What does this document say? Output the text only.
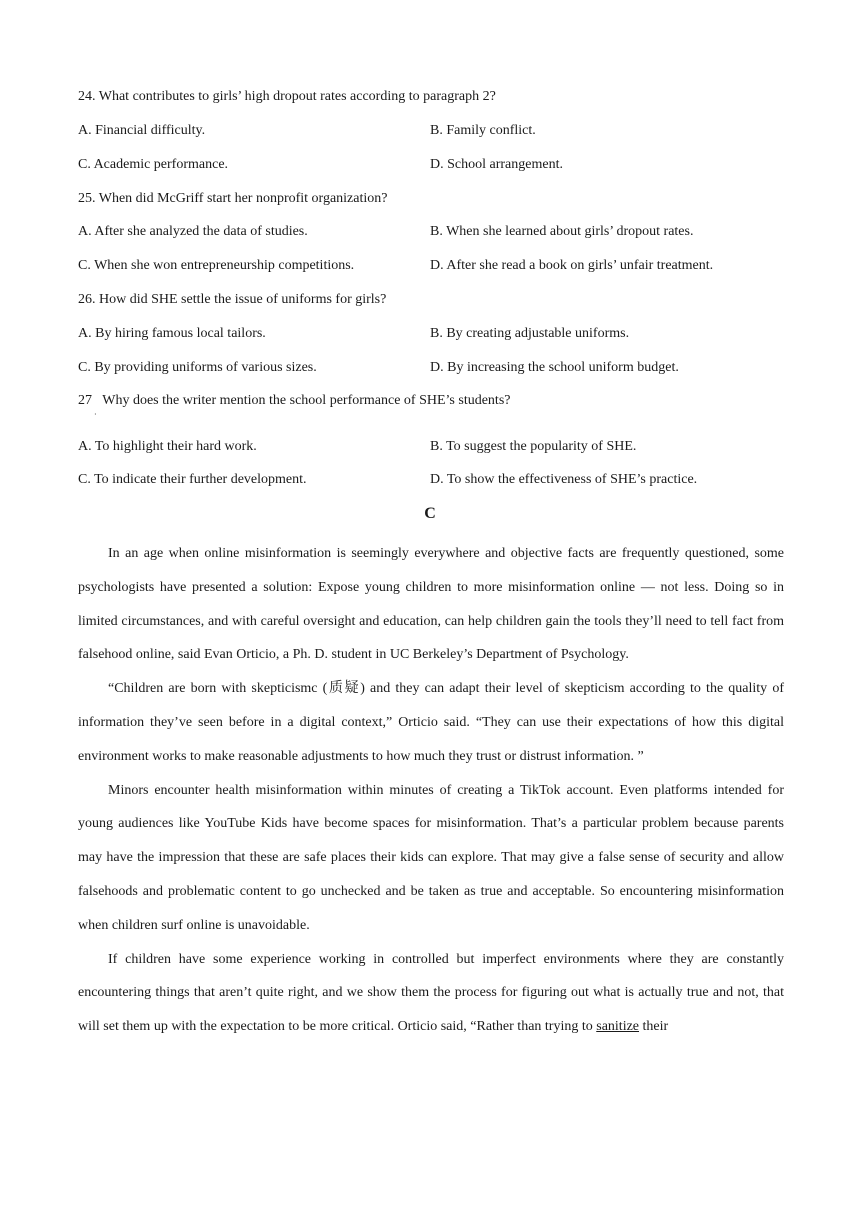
24. What contributes to girls’ high dropout rates according to paragraph 2?
A. Financial difficulty.	B. Family conflict.
C. Academic performance.	D. School arrangement.
25. When did McGriff start her nonprofit organization?
A. After she analyzed the data of studies.	B. When she learned about girls’ dropout rates.
C. When she won entrepreneurship competitions.	D. After she read a book on girls’ unfair treatment.
26. How did SHE settle the issue of uniforms for girls?
A. By hiring famous local tailors.	B. By creating adjustable uniforms.
C. By providing uniforms of various sizes.	D. By increasing the school uniform budget.
27   Why does the writer mention the school performance of SHE’s students?
·
A. To highlight their hard work.	B. To suggest the popularity of SHE.
C. To indicate their further development.	D. To show the effectiveness of SHE’s practice.
C

In an age when online misinformation is seemingly everywhere and objective facts are frequently questioned, some psychologists have presented a solution: Expose young children to more misinformation online — not less. Doing so in limited circumstances, and with careful oversight and education, can help children gain the tools they’ll need to tell fact from falsehood online, said Evan Orticio, a Ph. D. student in UC Berkeley’s Department of Psychology.

“Children are born with skepticismc (质疑) and they can adapt their level of skepticism according to the quality of information they’ve seen before in a digital context,” Orticio said. “They can use their expectations of how this digital environment works to make reasonable adjustments to how much they trust or distrust information. ”

Minors encounter health misinformation within minutes of creating a TikTok account. Even platforms intended for young audiences like YouTube Kids have become spaces for misinformation. That’s a particular problem because parents may have the impression that these are safe places their kids can explore. That may give a false sense of security and allow falsehoods and problematic content to go unchecked and be taken as true and acceptable. So encountering misinformation when children surf online is unavoidable.

If children have some experience working in controlled but imperfect environments where they are constantly encountering things that aren’t quite right, and we show them the process for figuring out what is actually true and not, that will set them up with the expectation to be more critical. Orticio said, “Rather than trying to sanitize their
